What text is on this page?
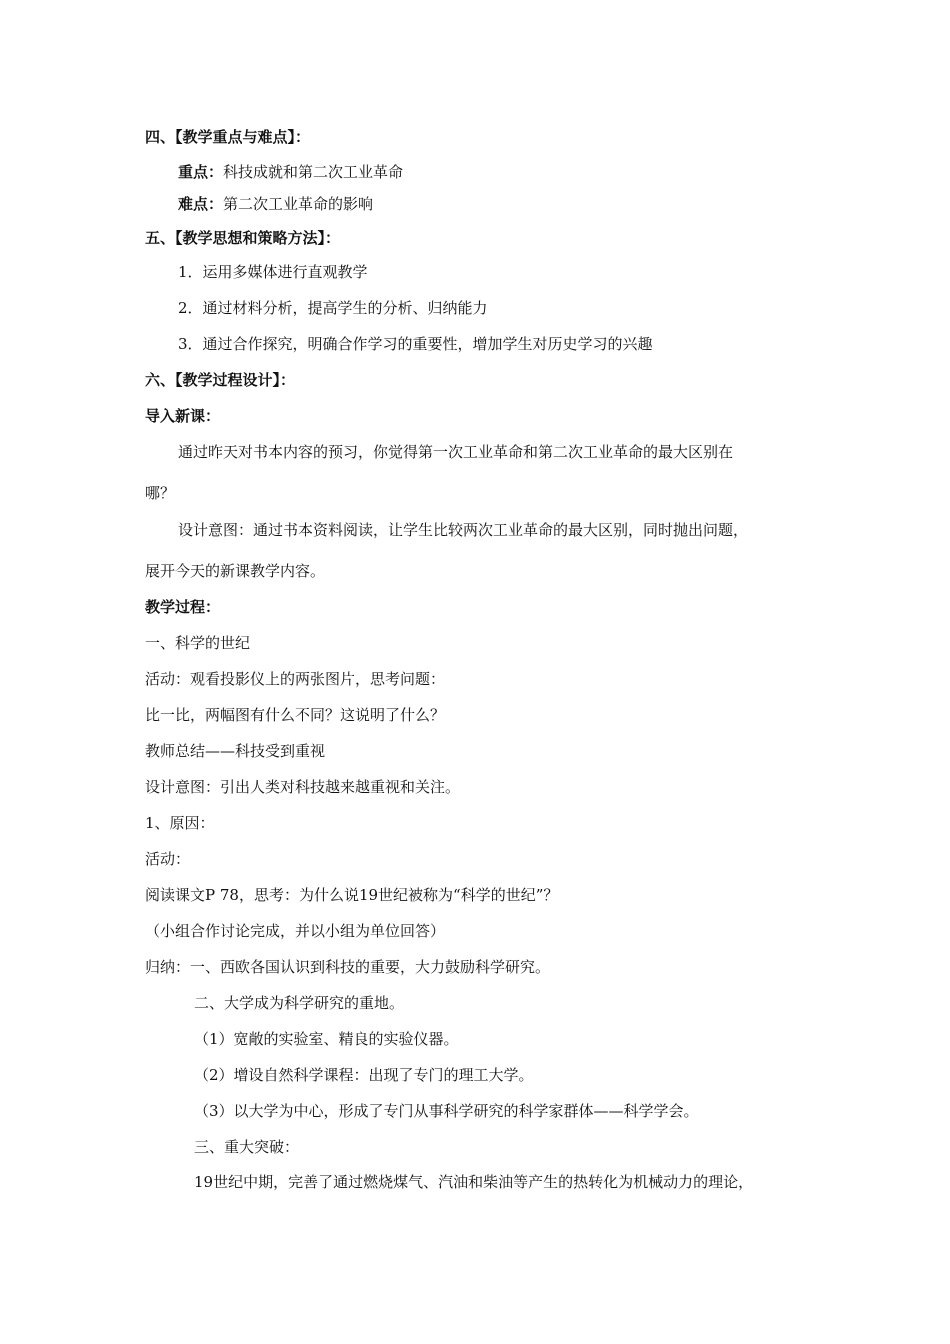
四、【教学重点与难点】：
重点：科技成就和第二次工业革命
难点：第二次工业革命的影响
五、【教学思想和策略方法】：
1．运用多媒体进行直观教学
2．通过材料分析，提高学生的分析、归纳能力
3．通过合作探究，明确合作学习的重要性，增加学生对历史学习的兴趣
六、【教学过程设计】：
导入新课：
通过昨天对书本内容的预习，你觉得第一次工业革命和第二次工业革命的最大区别在
哪？
设计意图：通过书本资料阅读，让学生比较两次工业革命的最大区别，同时抛出问题，
展开今天的新课教学内容。
教学过程：
一、科学的世纪
活动：观看投影仪上的两张图片，思考问题：
比一比，两幅图有什么不同？这说明了什么？
教师总结——科技受到重视
设计意图：引出人类对科技越来越重视和关注。
1、原因：
活动：
阅读课文P 78，思考：为什么说19世纪被称为“科学的世纪”？
（小组合作讨论完成，并以小组为单位回答）
归纳：一、西欧各国认识到科技的重要，大力鼓励科学研究。
二、大学成为科学研究的重地。
（1）宽敞的实验室、精良的实验仪器。
（2）增设自然科学课程：出现了专门的理工大学。
（3）以大学为中心，形成了专门从事科学研究的科学家群体——科学学会。
三、重大突破：
19世纪中期，完善了通过燃烧煤气、汽油和柴油等产生的热转化为机械动力的理论，
